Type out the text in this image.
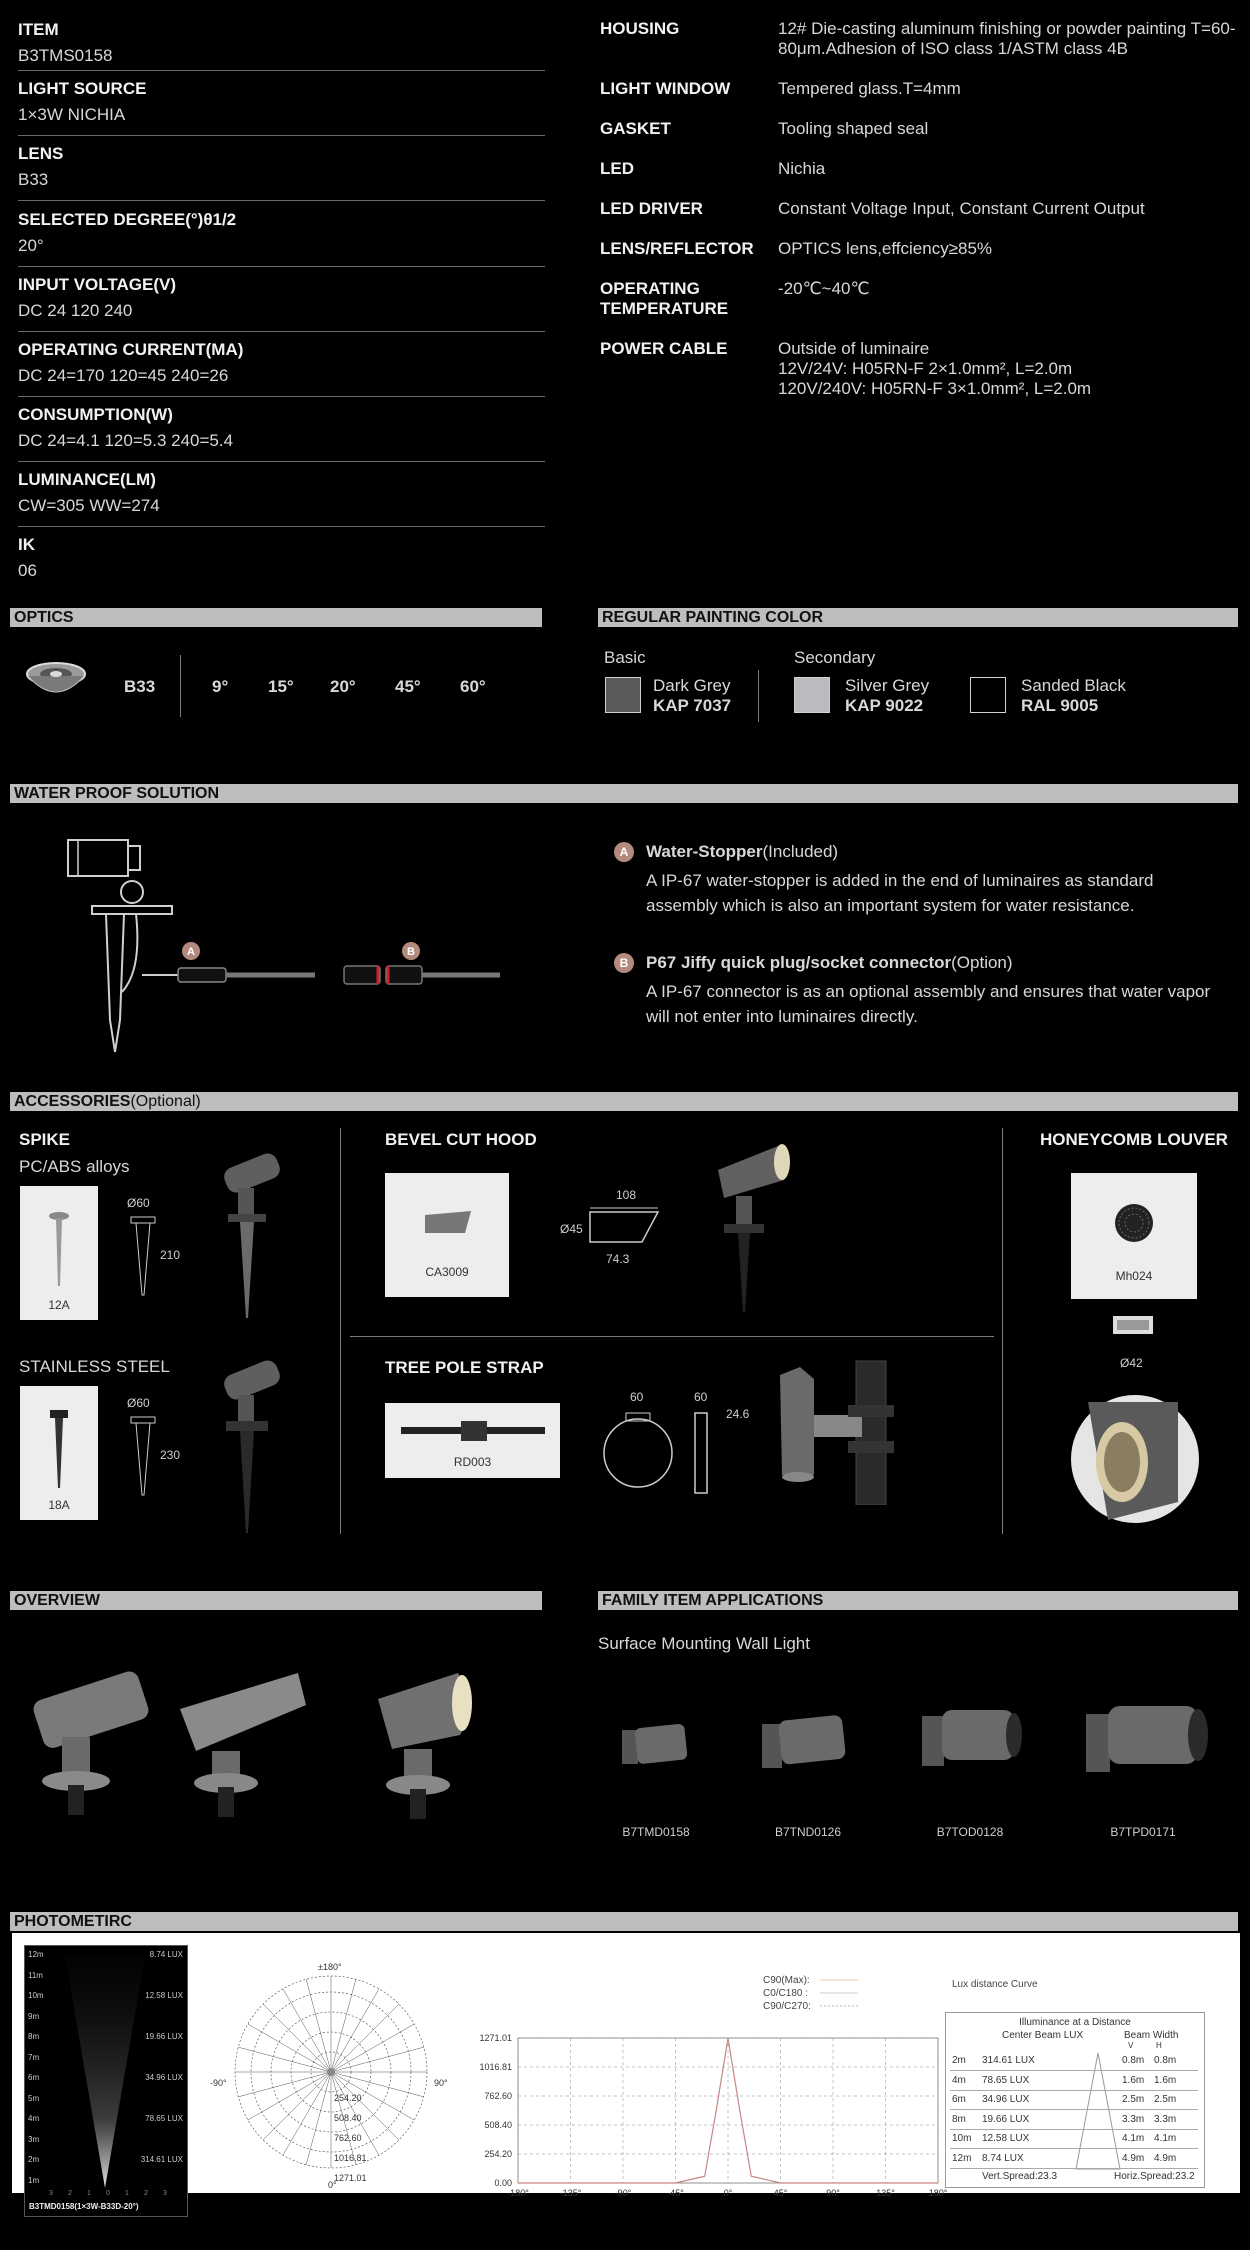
ITEM
B3TMS0158
LIGHT SOURCE
1×3W NICHIA
LENS
B33
SELECTED DEGREE(°)θ1/2
20°
INPUT VOLTAGE(V)
DC 24 120 240
OPERATING CURRENT(MA)
DC 24=170 120=45 240=26
CONSUMPTION(W)
DC 24=4.1 120=5.3 240=5.4
LUMINANCE(LM)
CW=305 WW=274
IK
06
HOUSING	12# Die-casting aluminum finishing or powder painting T=60-80μm.Adhesion of ISO class 1/ASTM class 4B
LIGHT WINDOW	Tempered glass.T=4mm
GASKET	Tooling shaped seal
LED	Nichia
LED DRIVER	Constant Voltage Input, Constant Current Output
LENS/REFLECTOR	OPTICS lens,effciency≥85%
OPERATING TEMPERATURE
-20℃~40℃
POWER CABLE	Outside of luminaire
12V/24V: H05RN-F 2×1.0mm², L=2.0m
120V/240V: H05RN-F 3×1.0mm², L=2.0m
OPTICS
B33	9° 15° 20° 45° 60°
REGULAR PAINTING COLOR
Basic	Secondary
Dark Grey
KAP 7037
Silver Grey
KAP 9022
Sanded Black
RAL 9005
WATER PROOF SOLUTION
A	B
A	Water-Stopper(Included)
A IP-67 water-stopper is added in the end of luminaires as standard assembly which is also an important system for water resistance.
B	P67 Jiffy quick plug/socket connector(Option)
A IP-67 connector is as an optional assembly and ensures that water vapor will not enter into luminaires directly.
ACCESSORIES(Optional)
SPIKE
PC/ABS alloys
12A
Ø60
210
STAINLESS STEEL
18A
Ø60
230
BEVEL CUT HOOD
CA3009
108
Ø45
74.3
TREE POLE STRAP
RD003
60	60
24.6
HONEYCOMB LOUVER
Mh024
Ø42
OVERVIEW	FAMILY ITEM APPLICATIONS
Surface Mounting Wall Light
B7TMD0158	B7TND0126	B7TOD0128	B7TPD0171
PHOTOMETIRC
12m
11m
10m
9m
8m
7m
6m
5m
4m
3m
2m
1m
8.74 LUX
12.58 LUX
19.66 LUX
34.96 LUX
78.65 LUX
314.61 LUX
3 2 1 0 1 2 3
B3TMD0158(1×3W-B33D-20°)
±180°
-90°	90°
0°
254.20
508.40
762.60
1016.81
1271.01
C90(Max):
C0/C180 :
C90/C270:
0.00
254.20
508.40
762.60
1016.81
1271.01
-180°	-135°	-90°	-45°	0°	45°	90°	135°	180°
Lux distance Curve
Illuminance at a Distance
Center Beam LUX	Beam Width
V	H
2m 314.61 LUX	0.8m 0.8m
4m 78.65 LUX	1.6m 1.6m
6m 34.96 LUX	2.5m 2.5m
8m 19.66 LUX	3.3m 3.3m
10m 12.58 LUX	4.1m 4.1m
12m 8.74 LUX	4.9m 4.9m
Vert.Spread:23.3	Horiz.Spread:23.2
